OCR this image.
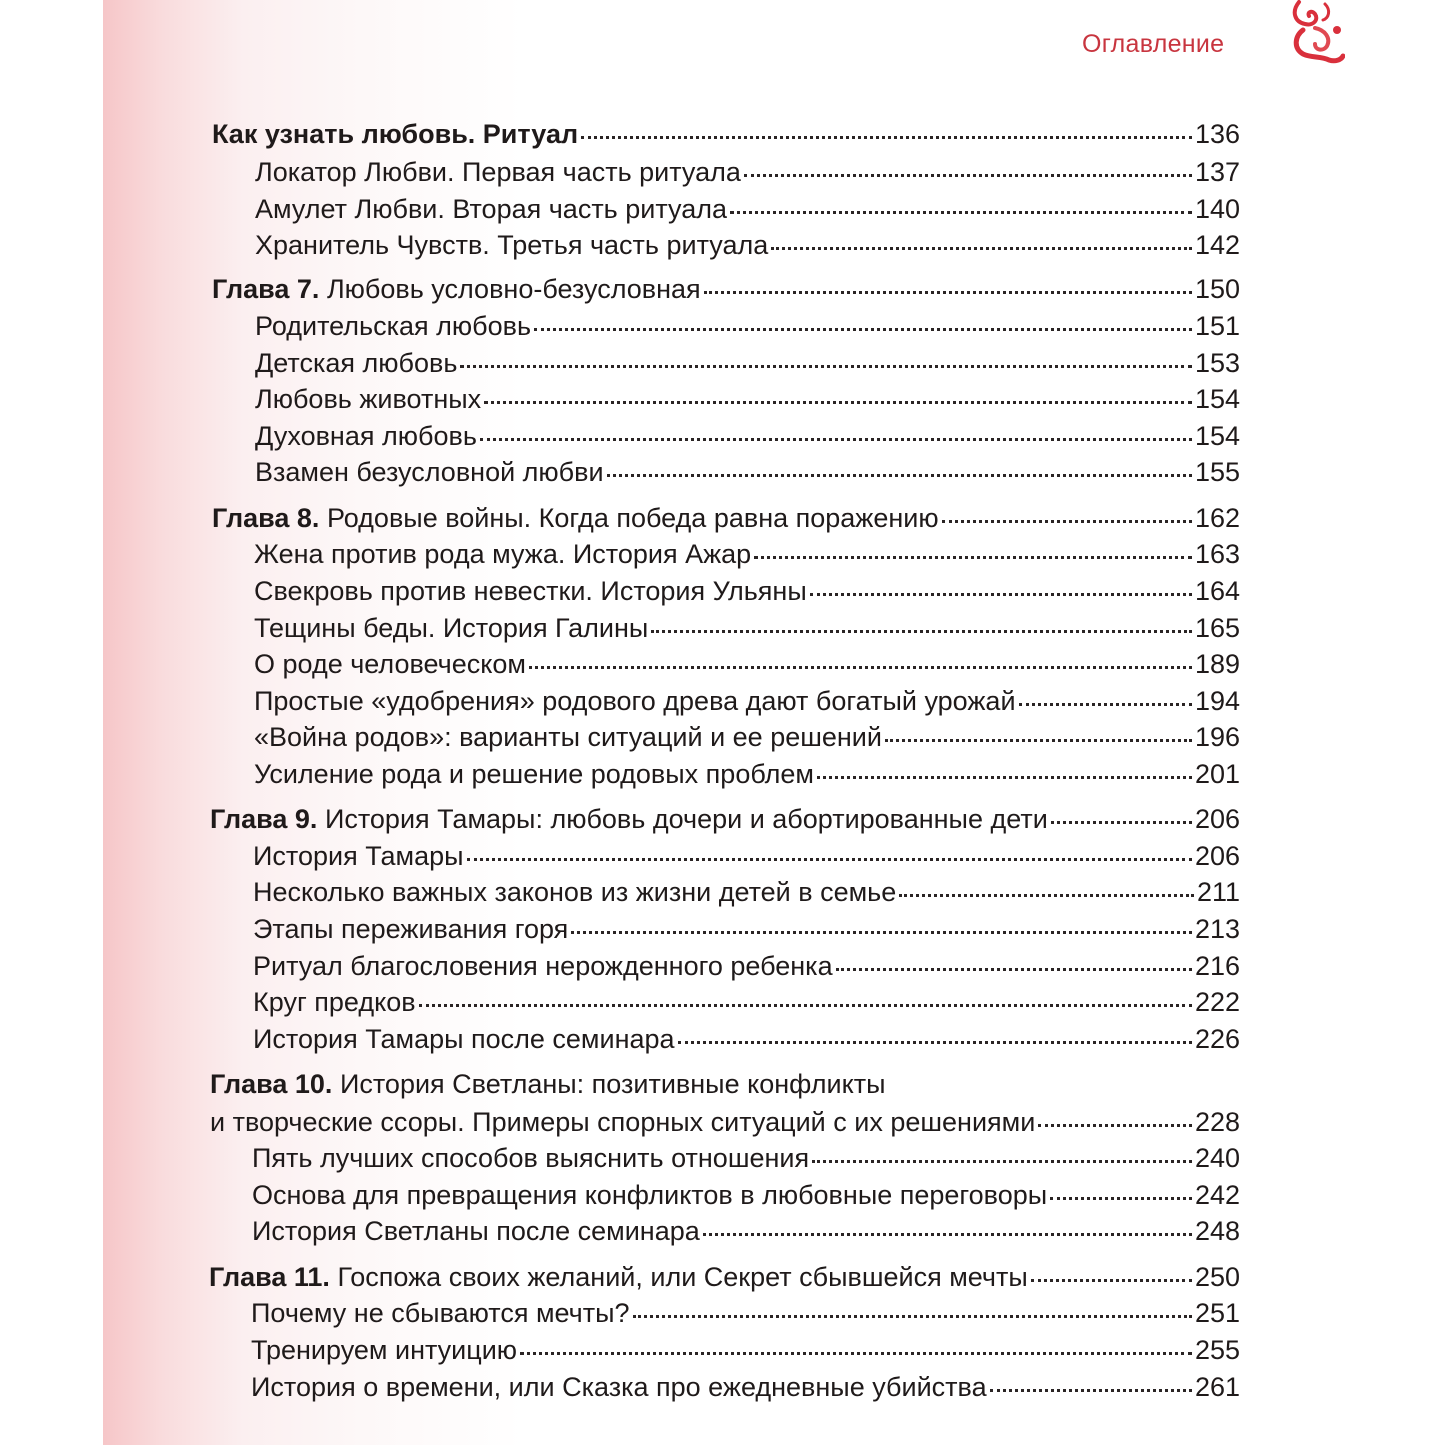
Оглавление
Как узнать любовь. Ритуал	136
Локатор Любви. Первая часть ритуала	137
Амулет Любви. Вторая часть ритуала	140
Хранитель Чувств. Третья часть ритуала	142
Глава 7. Любовь условно-безусловная	150
Родительская любовь	151
Детская любовь	153
Любовь животных	154
Духовная любовь	154
Взамен безусловной любви	155
Глава 8. Родовые войны. Когда победа равна поражению	162
Жена против рода мужа. История Ажар	163
Свекровь против невестки. История Ульяны	164
Тещины беды. История Галины	165
О роде человеческом	189
Простые «удобрения» родового древа дают богатый урожай	194
«Война родов»: варианты ситуаций и ее решений	196
Усиление рода и решение родовых проблем	201
Глава 9. История Тамары: любовь дочери и абортированные дети	206
История Тамары	206
Несколько важных законов из жизни детей в семье	211
Этапы переживания горя	213
Ритуал благословения нерожденного ребенка	216
Круг предков	222
История Тамары после семинара	226
Глава 10. История Светланы: позитивные конфликты
и творческие ссоры. Примеры спорных ситуаций с их решениями	228
Пять лучших способов выяснить отношения	240
Основа для превращения конфликтов в любовные переговоры	242
История Светланы после семинара	248
Глава 11. Госпожа своих желаний, или Секрет сбывшейся мечты	250
Почему не сбываются мечты?	251
Тренируем интуицию	255
История о времени, или Сказка про ежедневные убийства	261
